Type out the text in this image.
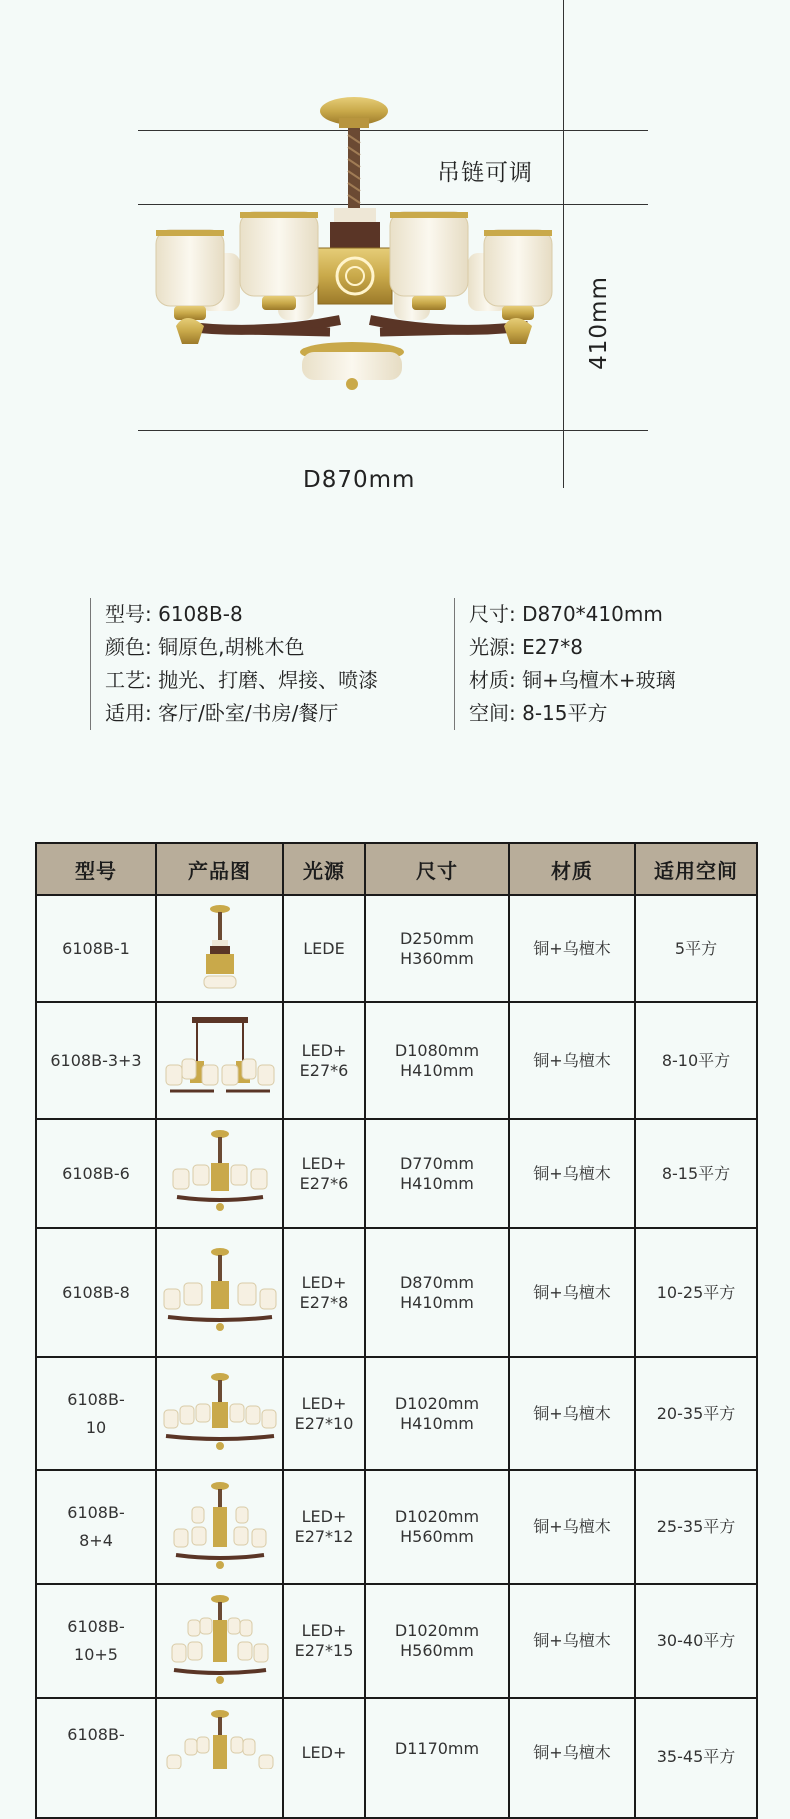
吊链可调
410mm
D870mm
型号: 6108B-8
颜色: 铜原色,胡桃木色
工艺: 抛光、打磨、焊接、喷漆
适用: 客厅/卧室/书房/餐厅
尺寸: D870*410mm
光源: E27*8
材质: 铜+乌檀木+玻璃
空间: 8-15平方
型号	产品图	光源	尺寸	材质	适用空间

6108B-1		LEDE	D250mm
H360mm	铜+乌檀木	5平方

6108B-3+3		LED+
E27*6	D1080mm
H410mm	铜+乌檀木	8-10平方

6108B-6		LED+
E27*6	D770mm
H410mm	铜+乌檀木	8-15平方

6108B-8		LED+
E27*8	D870mm
H410mm	铜+乌檀木	10-25平方

6108B-
10		LED+
E27*10	D1020mm
H410mm	铜+乌檀木	20-35平方

6108B-
8+4		LED+
E27*12	D1020mm
H560mm	铜+乌檀木	25-35平方

6108B-
10+5		LED+
E27*15	D1020mm
H560mm	铜+乌檀木	30-40平方

6108B-		LED+	D1170mm	铜+乌檀木	35-45平方
